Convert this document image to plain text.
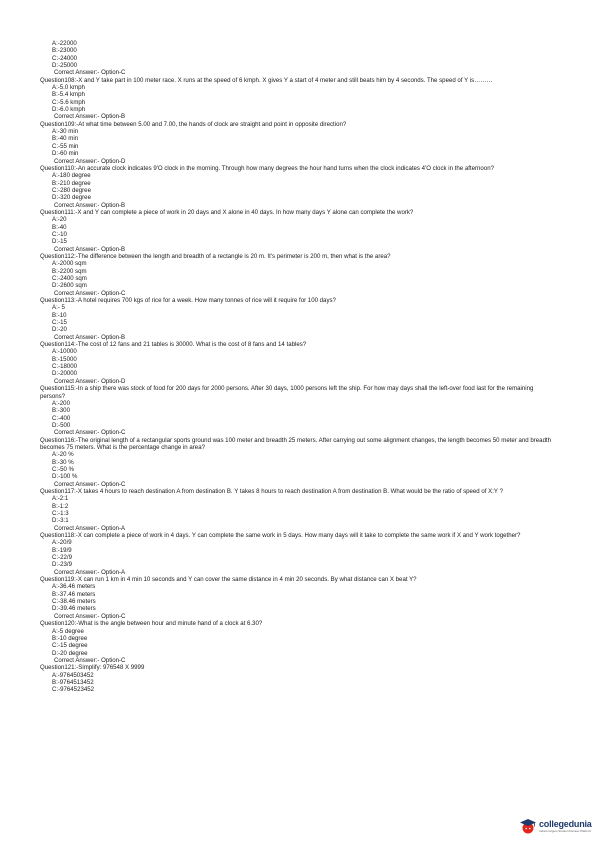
A:-22000
B:-23000
C:-24000
D:-25000
Correct Answer:- Option-C
Question108:-X and Y take part in 100 meter race. X runs at the speed of 6 kmph. X gives Y a start of 4 meter and still beats him by 4 seconds. The speed of Y is………
A:-5.0 kmph
B:-5.4 kmph
C:-5.6 kmph
D:-6.0 kmph
Correct Answer:- Option-B
Question109:-At what time between 5.00 and 7.00, the hands of clock are straight and point in opposite direction?
A:-30 min
B:-40 min
C:-55 min
D:-60 min
Correct Answer:- Option-D
Question110:-An accurate clock indicates 9'O clock in the morning. Through how many degrees the hour hand turns when the clock indicates 4'O clock in the afternoon?
A:-180 degree
B:-210 degree
C:-280 degree
D:-320 degree
Correct Answer:- Option-B
Question111:-X and Y can complete a piece of work in 20 days and X alone in 40 days. In how many days Y alone can complete the work?
A:-20
B:-40
C:-10
D:-15
Correct Answer:- Option-B
Question112:-The difference between the length and breadth of a rectangle is 20 m. It's perimeter is 200 m, then what is the area?
A:-2000 sqm
B:-2200 sqm
C:-2400 sqm
D:-2600 sqm
Correct Answer:- Option-C
Question113:-A hotel requires 700 kgs of rice for a week. How many tonnes of rice will it require for 100 days?
A:- 5
B:-10
C:-15
D:-20
Correct Answer:- Option-B
Question114:-The cost of 12 fans and 21 tables is 30000. What is the cost of 8 fans and 14 tables?
A:-10000
B:-15000
C:-18000
D:-20000
Correct Answer:- Option-D
Question115:-In a ship there was stock of food for 200 days for 2000 persons. After 30 days, 1000 persons left the ship. For how may days shall the left-over food last for the remaining persons?
A:-200
B:-300
C:-400
D:-500
Correct Answer:- Option-C
Question116:-The original length of a rectangular sports ground was 100 meter and breadth 25 meters. After carrying out some alignment changes, the length becomes 50 meter and breadth becomes 75 meters. What is the percentage change in area?
A:-20 %
B:-30 %
C:-50 %
D:-100 %
Correct Answer:- Option-C
Question117:-X takes 4 hours to reach destination A from destination B. Y takes 8 hours to reach destination A from destination B. What would be the ratio of speed of X:Y ?
A:-2:1
B:-1:2
C:-1:3
D:-3:1
Correct Answer:- Option-A
Question118:-X can complete a piece of work in 4 days. Y can complete the same work in 5 days. How many days will it take to complete the same work if X and Y work together?
A:-20/9
B:-19/9
C:-22/9
D:-23/9
Correct Answer:- Option-A
Question119:-X can run 1 km in 4 min 10 seconds and Y can cover the same distance in 4 min 20 seconds. By what distance can X beat Y?
A:-36.46 meters
B:-37.46 meters
C:-38.46 meters
D:-39.46 meters
Correct Answer:- Option-C
Question120:-What is the angle between hour and minute hand of a clock at 6.30?
A:-5 degree
B:-10 degree
C:-15 degree
D:-20 degree
Correct Answer:- Option-C
Question121:-Simplify: 976548 X 9999
A:-9764503452
B:-9764513452
C:-9764523452
collegedunia
India's largest Student Review Platform
